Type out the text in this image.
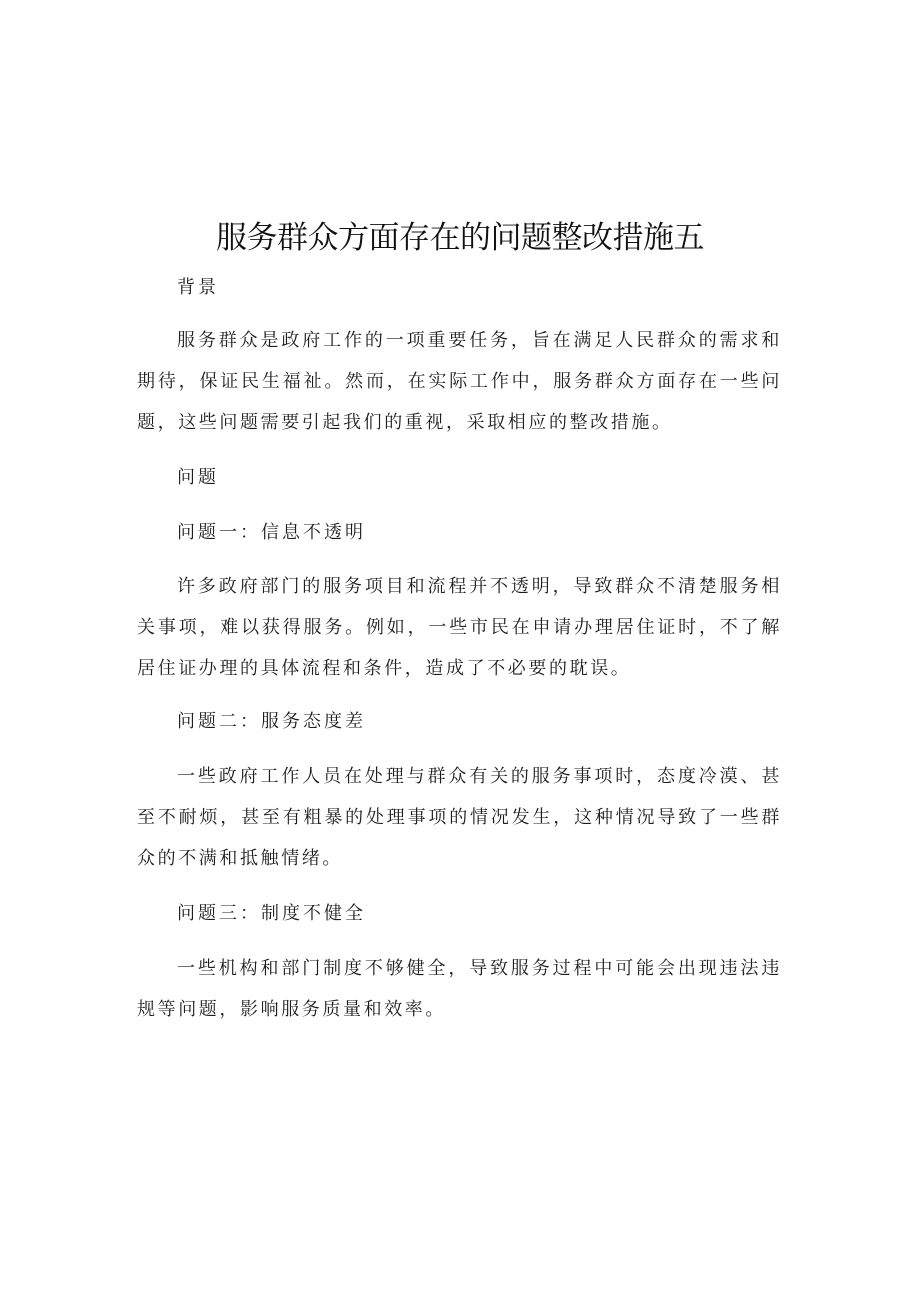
服务群众方面存在的问题整改措施五

背景

服务群众是政府工作的一项重要任务，旨在满足人民群众的需求和期待，保证民生福祉。然而，在实际工作中，服务群众方面存在一些问题，这些问题需要引起我们的重视，采取相应的整改措施。

问题

问题一：信息不透明

许多政府部门的服务项目和流程并不透明，导致群众不清楚服务相关事项，难以获得服务。例如，一些市民在申请办理居住证时，不了解居住证办理的具体流程和条件，造成了不必要的耽误。

问题二：服务态度差

一些政府工作人员在处理与群众有关的服务事项时，态度冷漠、甚至不耐烦，甚至有粗暴的处理事项的情况发生，这种情况导致了一些群众的不满和抵触情绪。

问题三：制度不健全

一些机构和部门制度不够健全，导致服务过程中可能会出现违法违规等问题，影响服务质量和效率。
